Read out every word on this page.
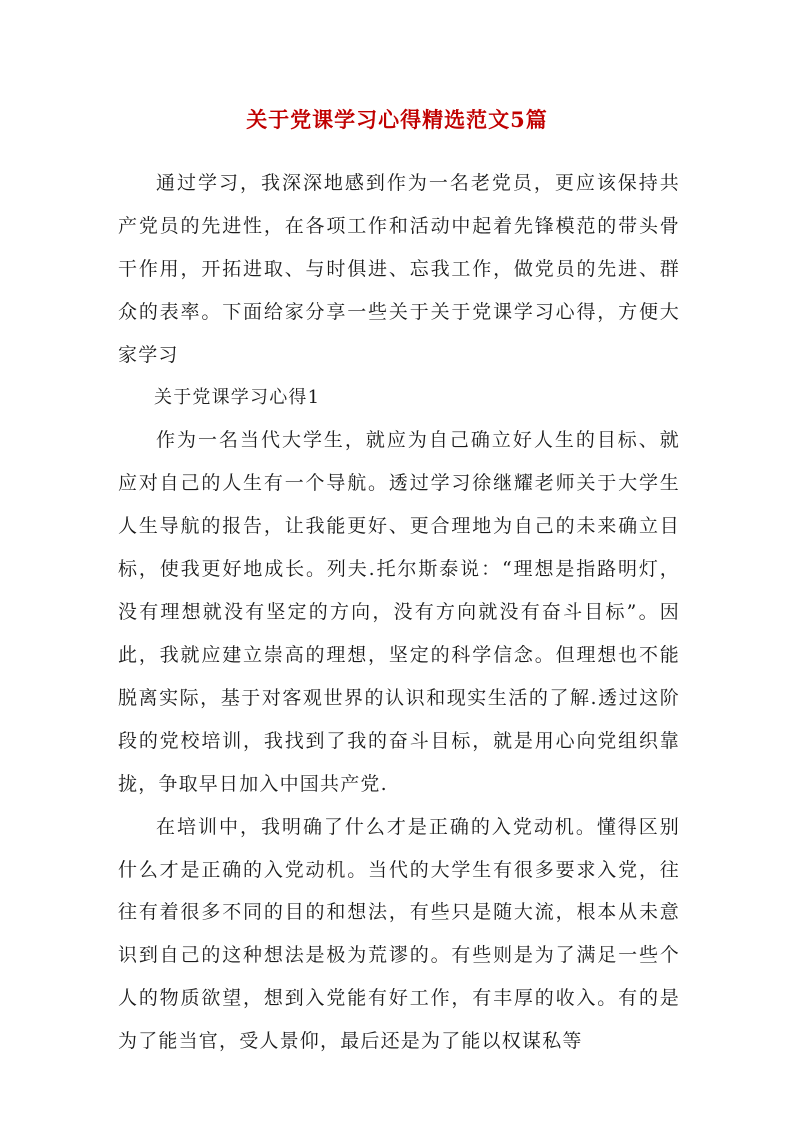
关于党课学习心得精选范文5篇

通过学习，我深深地感到作为一名老党员，更应该保持共产党员的先进性，在各项工作和活动中起着先锋模范的带头骨干作用，开拓进取、与时俱进、忘我工作，做党员的先进、群众的表率。下面给家分享一些关于关于党课学习心得，方便大家学习

关于党课学习心得1

作为一名当代大学生，就应为自己确立好人生的目标、就应对自己的人生有一个导航。透过学习徐继耀老师关于大学生人生导航的报告，让我能更好、更合理地为自己的未来确立目标，使我更好地成长。列夫.托尔斯泰说：“理想是指路明灯，没有理想就没有坚定的方向，没有方向就没有奋斗目标”。因此，我就应建立崇高的理想，坚定的科学信念。但理想也不能脱离实际，基于对客观世界的认识和现实生活的了解.透过这阶段的党校培训，我找到了我的奋斗目标，就是用心向党组织靠拢，争取早日加入中国共产党.

在培训中，我明确了什么才是正确的入党动机。懂得区别什么才是正确的入党动机。当代的大学生有很多要求入党，往往有着很多不同的目的和想法，有些只是随大流，根本从未意识到自己的这种想法是极为荒谬的。有些则是为了满足一些个人的物质欲望，想到入党能有好工作，有丰厚的收入。有的是为了能当官，受人景仰，最后还是为了能以权谋私等
